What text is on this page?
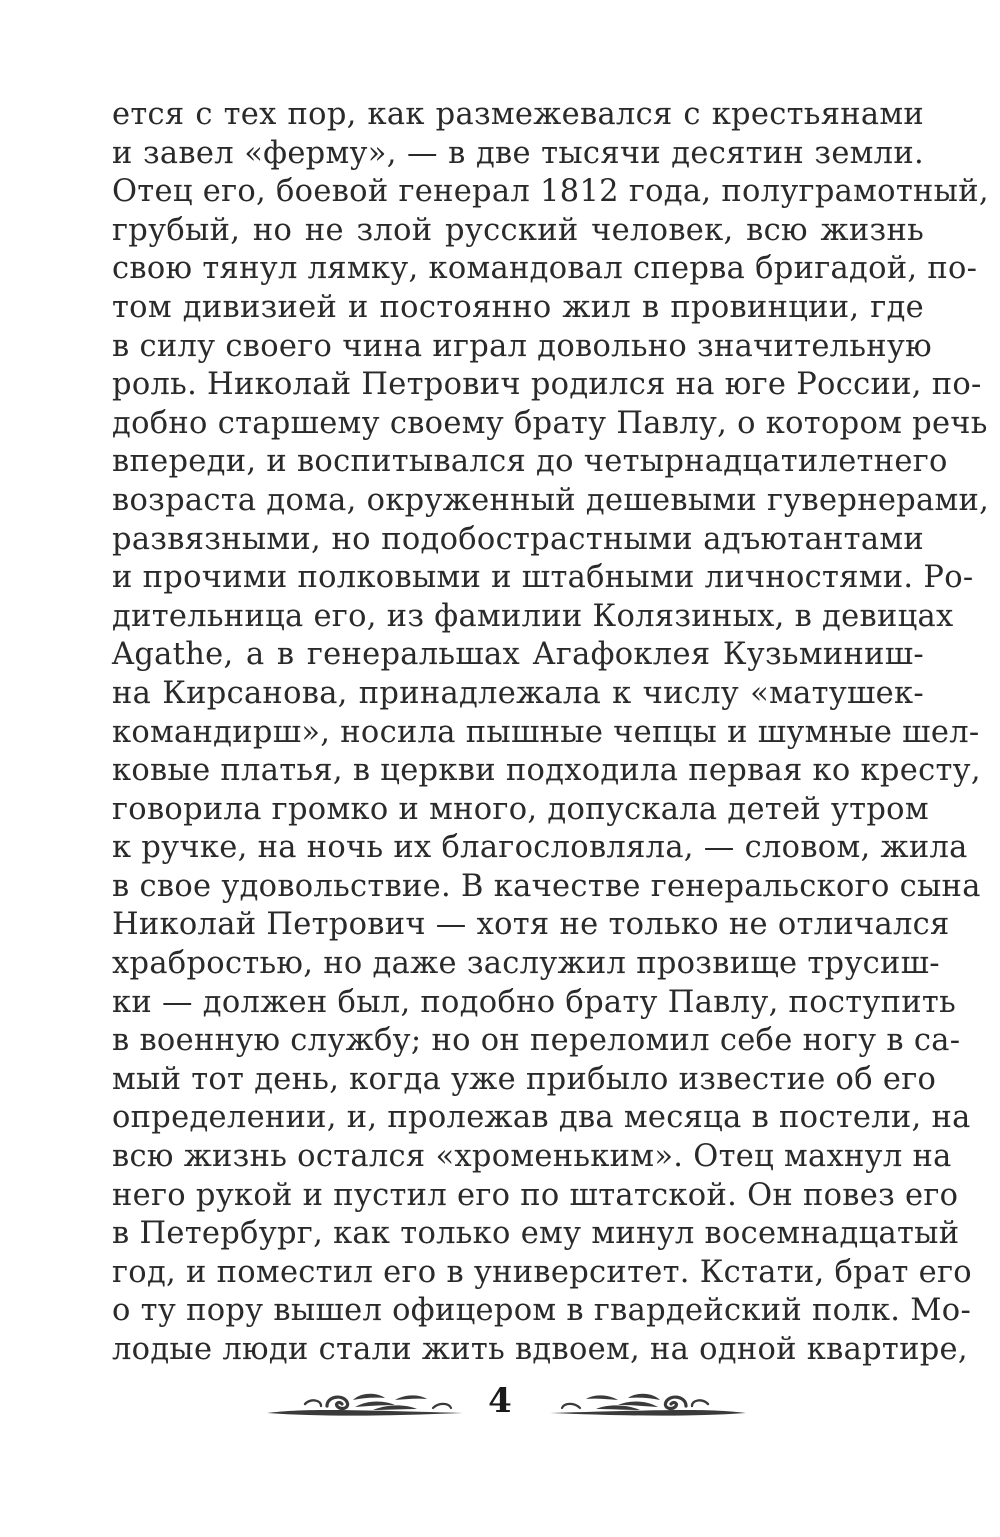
ется с тех пор, как размежевался с крестьянами
и завел «ферму», — в две тысячи десятин земли.
Отец его, боевой генерал 1812 года, полуграмотный,
грубый, но не злой русский человек, всю жизнь
свою тянул лямку, командовал сперва бригадой, по-
том дивизией и постоянно жил в провинции, где
в силу своего чина играл довольно значительную
роль. Николай Петрович родился на юге России, по-
добно старшему своему брату Павлу, о котором речь
впереди, и воспитывался до четырнадцатилетнего
возраста дома, окруженный дешевыми гувернерами,
развязными, но подобострастными адъютантами
и прочими полковыми и штабными личностями. Ро-
дительница его, из фамилии Колязиных, в девицах
Agathe, а в генеральшах Агафоклея Кузьминиш-
на Кирсанова, принадлежала к числу «матушек-
командирш», носила пышные чепцы и шумные шел-
ковые платья, в церкви подходила первая ко кресту,
говорила громко и много, допускала детей утром
к ручке, на ночь их благословляла, — словом, жила
в свое удовольствие. В качестве генеральского сына
Николай Петрович — хотя не только не отличался
храбростью, но даже заслужил прозвище трусиш-
ки — должен был, подобно брату Павлу, поступить
в военную службу; но он переломил себе ногу в са-
мый тот день, когда уже прибыло известие об его
определении, и, пролежав два месяца в постели, на
всю жизнь остался «хроменьким». Отец махнул на
него рукой и пустил его по штатской. Он повез его
в Петербург, как только ему минул восемнадцатый
год, и поместил его в университет. Кстати, брат его
о ту пору вышел офицером в гвардейский полк. Мо-
лодые люди стали жить вдвоем, на одной квартире,
4
